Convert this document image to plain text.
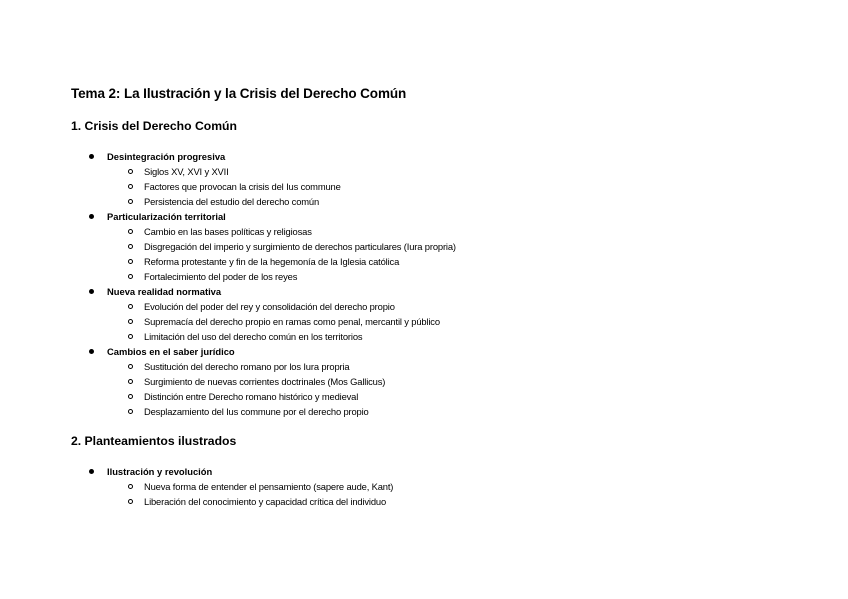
Tema 2: La Ilustración y la Crisis del Derecho Común
1. Crisis del Derecho Común
Desintegración progresiva
Siglos XV, XVI y XVII
Factores que provocan la crisis del Ius commune
Persistencia del estudio del derecho común
Particularización territorial
Cambio en las bases políticas y religiosas
Disgregación del imperio y surgimiento de derechos particulares (Iura propria)
Reforma protestante y fin de la hegemonía de la Iglesia católica
Fortalecimiento del poder de los reyes
Nueva realidad normativa
Evolución del poder del rey y consolidación del derecho propio
Supremacía del derecho propio en ramas como penal, mercantil y público
Limitación del uso del derecho común en los territorios
Cambios en el saber jurídico
Sustitución del derecho romano por los Iura propria
Surgimiento de nuevas corrientes doctrinales (Mos Gallicus)
Distinción entre Derecho romano histórico y medieval
Desplazamiento del Ius commune por el derecho propio
2. Planteamientos ilustrados
Ilustración y revolución
Nueva forma de entender el pensamiento (sapere aude, Kant)
Liberación del conocimiento y capacidad crítica del individuo
